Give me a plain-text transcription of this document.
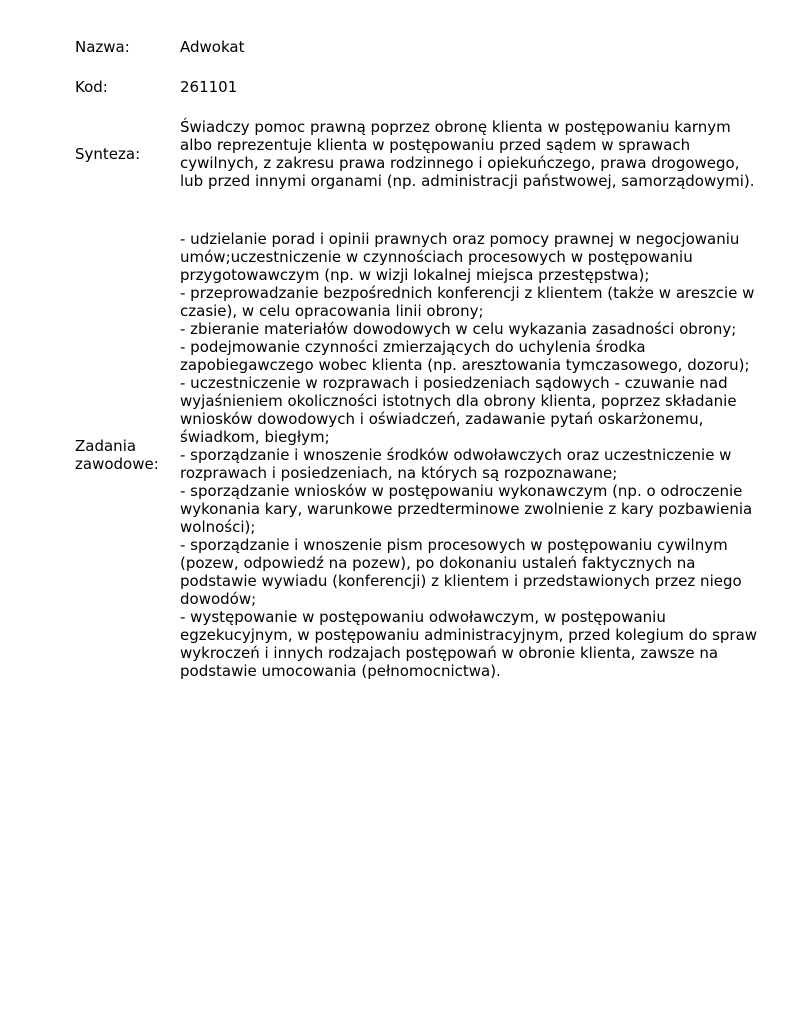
Nazwa:	Adwokat
Kod:	261101
Synteza:
Świadczy pomoc prawną poprzez obronę klienta w postępowaniu karnym albo reprezentuje klienta w postępowaniu przed sądem w sprawach cywilnych, z zakresu prawa rodzinnego i opiekuńczego, prawa drogowego, lub przed innymi organami (np. administracji państwowej, samorządowymi).
Zadania zawodowe:
- udzielanie porad i opinii prawnych oraz pomocy prawnej w negocjowaniu umów;uczestniczenie w czynnościach procesowych w postępowaniu przygotowawczym (np. w wizji lokalnej miejsca przestępstwa);
- przeprowadzanie bezpośrednich konferencji z klientem (także w areszcie w czasie), w celu opracowania linii obrony;
- zbieranie materiałów dowodowych w celu wykazania zasadności obrony;
- podejmowanie czynności zmierzających do uchylenia środka zapobiegawczego wobec klienta (np. aresztowania tymczasowego, dozoru);
- uczestniczenie w rozprawach i posiedzeniach sądowych - czuwanie nad wyjaśnieniem okoliczności istotnych dla obrony klienta, poprzez składanie wniosków dowodowych i oświadczeń, zadawanie pytań oskarżonemu, świadkom, biegłym;
- sporządzanie i wnoszenie środków odwoławczych oraz uczestniczenie w rozprawach i posiedzeniach, na których są rozpoznawane;
- sporządzanie wniosków w postępowaniu wykonawczym (np. o odroczenie wykonania kary, warunkowe przedterminowe zwolnienie z kary pozbawienia wolności);
- sporządzanie i wnoszenie pism procesowych w postępowaniu cywilnym (pozew, odpowiedź na pozew), po dokonaniu ustaleń faktycznych na podstawie wywiadu (konferencji) z klientem i przedstawionych przez niego dowodów;
- występowanie w postępowaniu odwoławczym, w postępowaniu egzekucyjnym, w postępowaniu administracyjnym, przed kolegium do spraw wykroczeń i innych rodzajach postępowań w obronie klienta, zawsze na podstawie umocowania (pełnomocnictwa).
